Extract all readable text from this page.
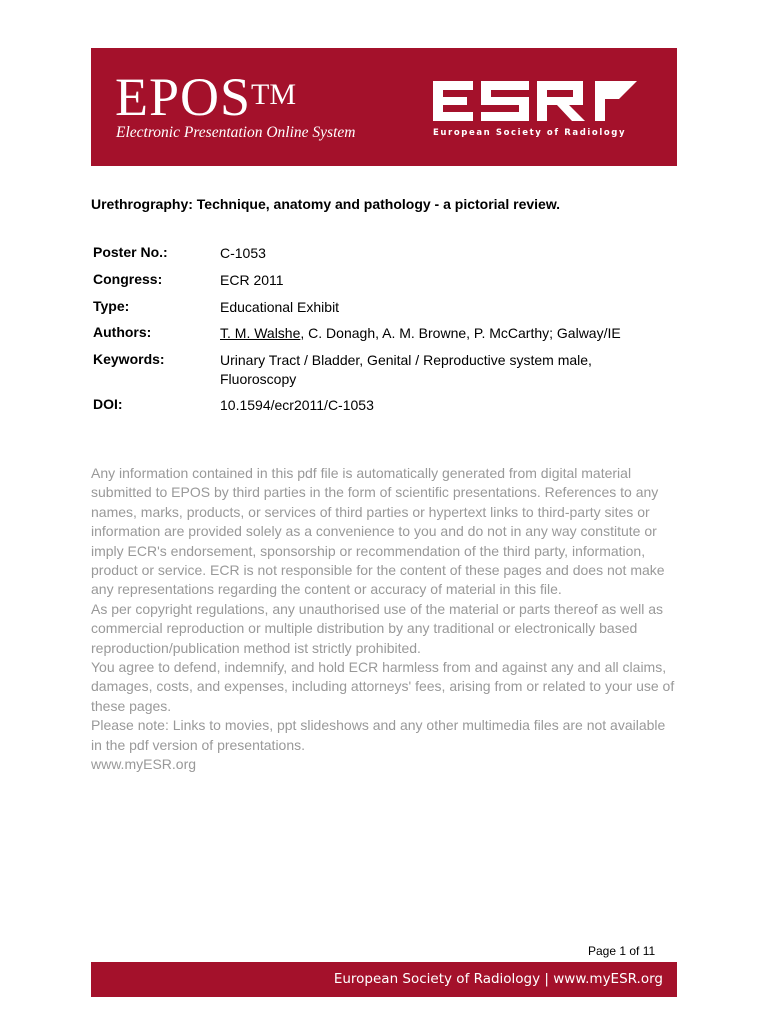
EPOS™
Electronic Presentation Online System	European Society of Radiology
Urethrography: Technique, anatomy and pathology - a pictorial review.
Poster No.:	C-1053
Congress:	ECR 2011
Type:	Educational Exhibit
Authors:	T. M. Walshe, C. Donagh, A. M. Browne, P. McCarthy; Galway/IE
Keywords:	Urinary Tract / Bladder, Genital / Reproductive system male, Fluoroscopy
DOI:	10.1594/ecr2011/C-1053

Any information contained in this pdf file is automatically generated from digital material submitted to EPOS by third parties in the form of scientific presentations. References to any names, marks, products, or services of third parties or hypertext links to third-party sites or information are provided solely as a convenience to you and do not in any way constitute or imply ECR's endorsement, sponsorship or recommendation of the third party, information, product or service. ECR is not responsible for the content of these pages and does not make any representations regarding the content or accuracy of material in this file.

As per copyright regulations, any unauthorised use of the material or parts thereof as well as commercial reproduction or multiple distribution by any traditional or electronically based reproduction/publication method ist strictly prohibited.

You agree to defend, indemnify, and hold ECR harmless from and against any and all claims, damages, costs, and expenses, including attorneys' fees, arising from or related to your use of these pages.

Please note: Links to movies, ppt slideshows and any other multimedia files are not available in the pdf version of presentations.

www.myESR.org

Page 1 of 11
European Society of Radiology | www.myESR.org
